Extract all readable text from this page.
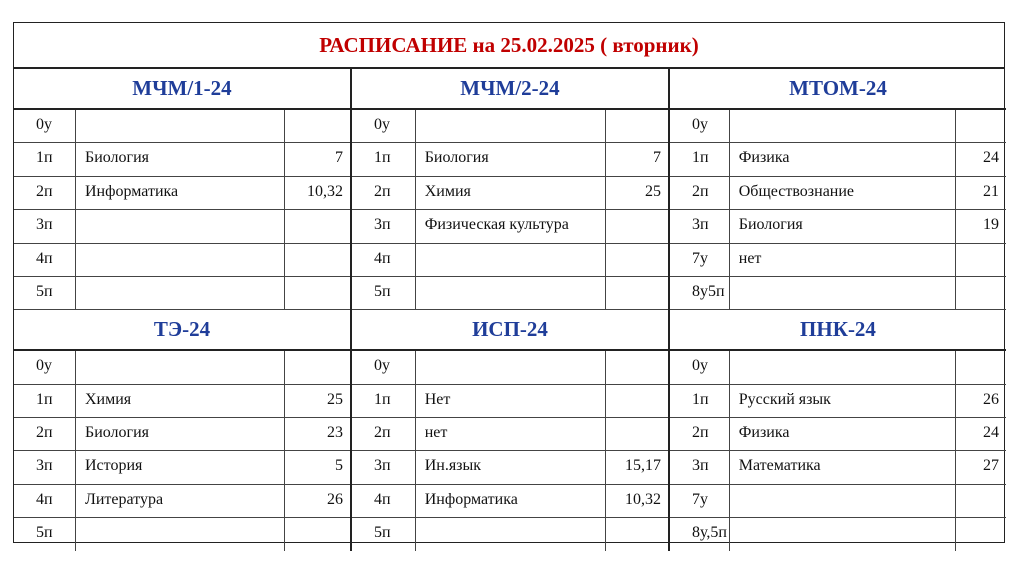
РАСПИСАНИЕ на 25.02.2025 ( вторник)
МЧМ/1-24
0у
1п	Биология	7
2п	Информатика	10,32
3п
4п
5п
МЧМ/2-24
0у
1п	Биология	7
2п	Химия	25
3п	Физическая культура
4п
5п
МТОМ-24
0у
1п	Физика	24
2п	Обществознание	21
3п	Биология	19
7у	нет
8у5п
ТЭ-24
0у
1п	Химия	25
2п	Биология	23
3п	История	5
4п	Литература	26
5п
ИСП-24
0у
1п	Нет
2п	нет
3п	Ин.язык	15,17
4п	Информатика	10,32
5п
ПНК-24
0у
1п	Русский язык	26
2п	Физика	24
3п	Математика	27
7у
8у,5п
